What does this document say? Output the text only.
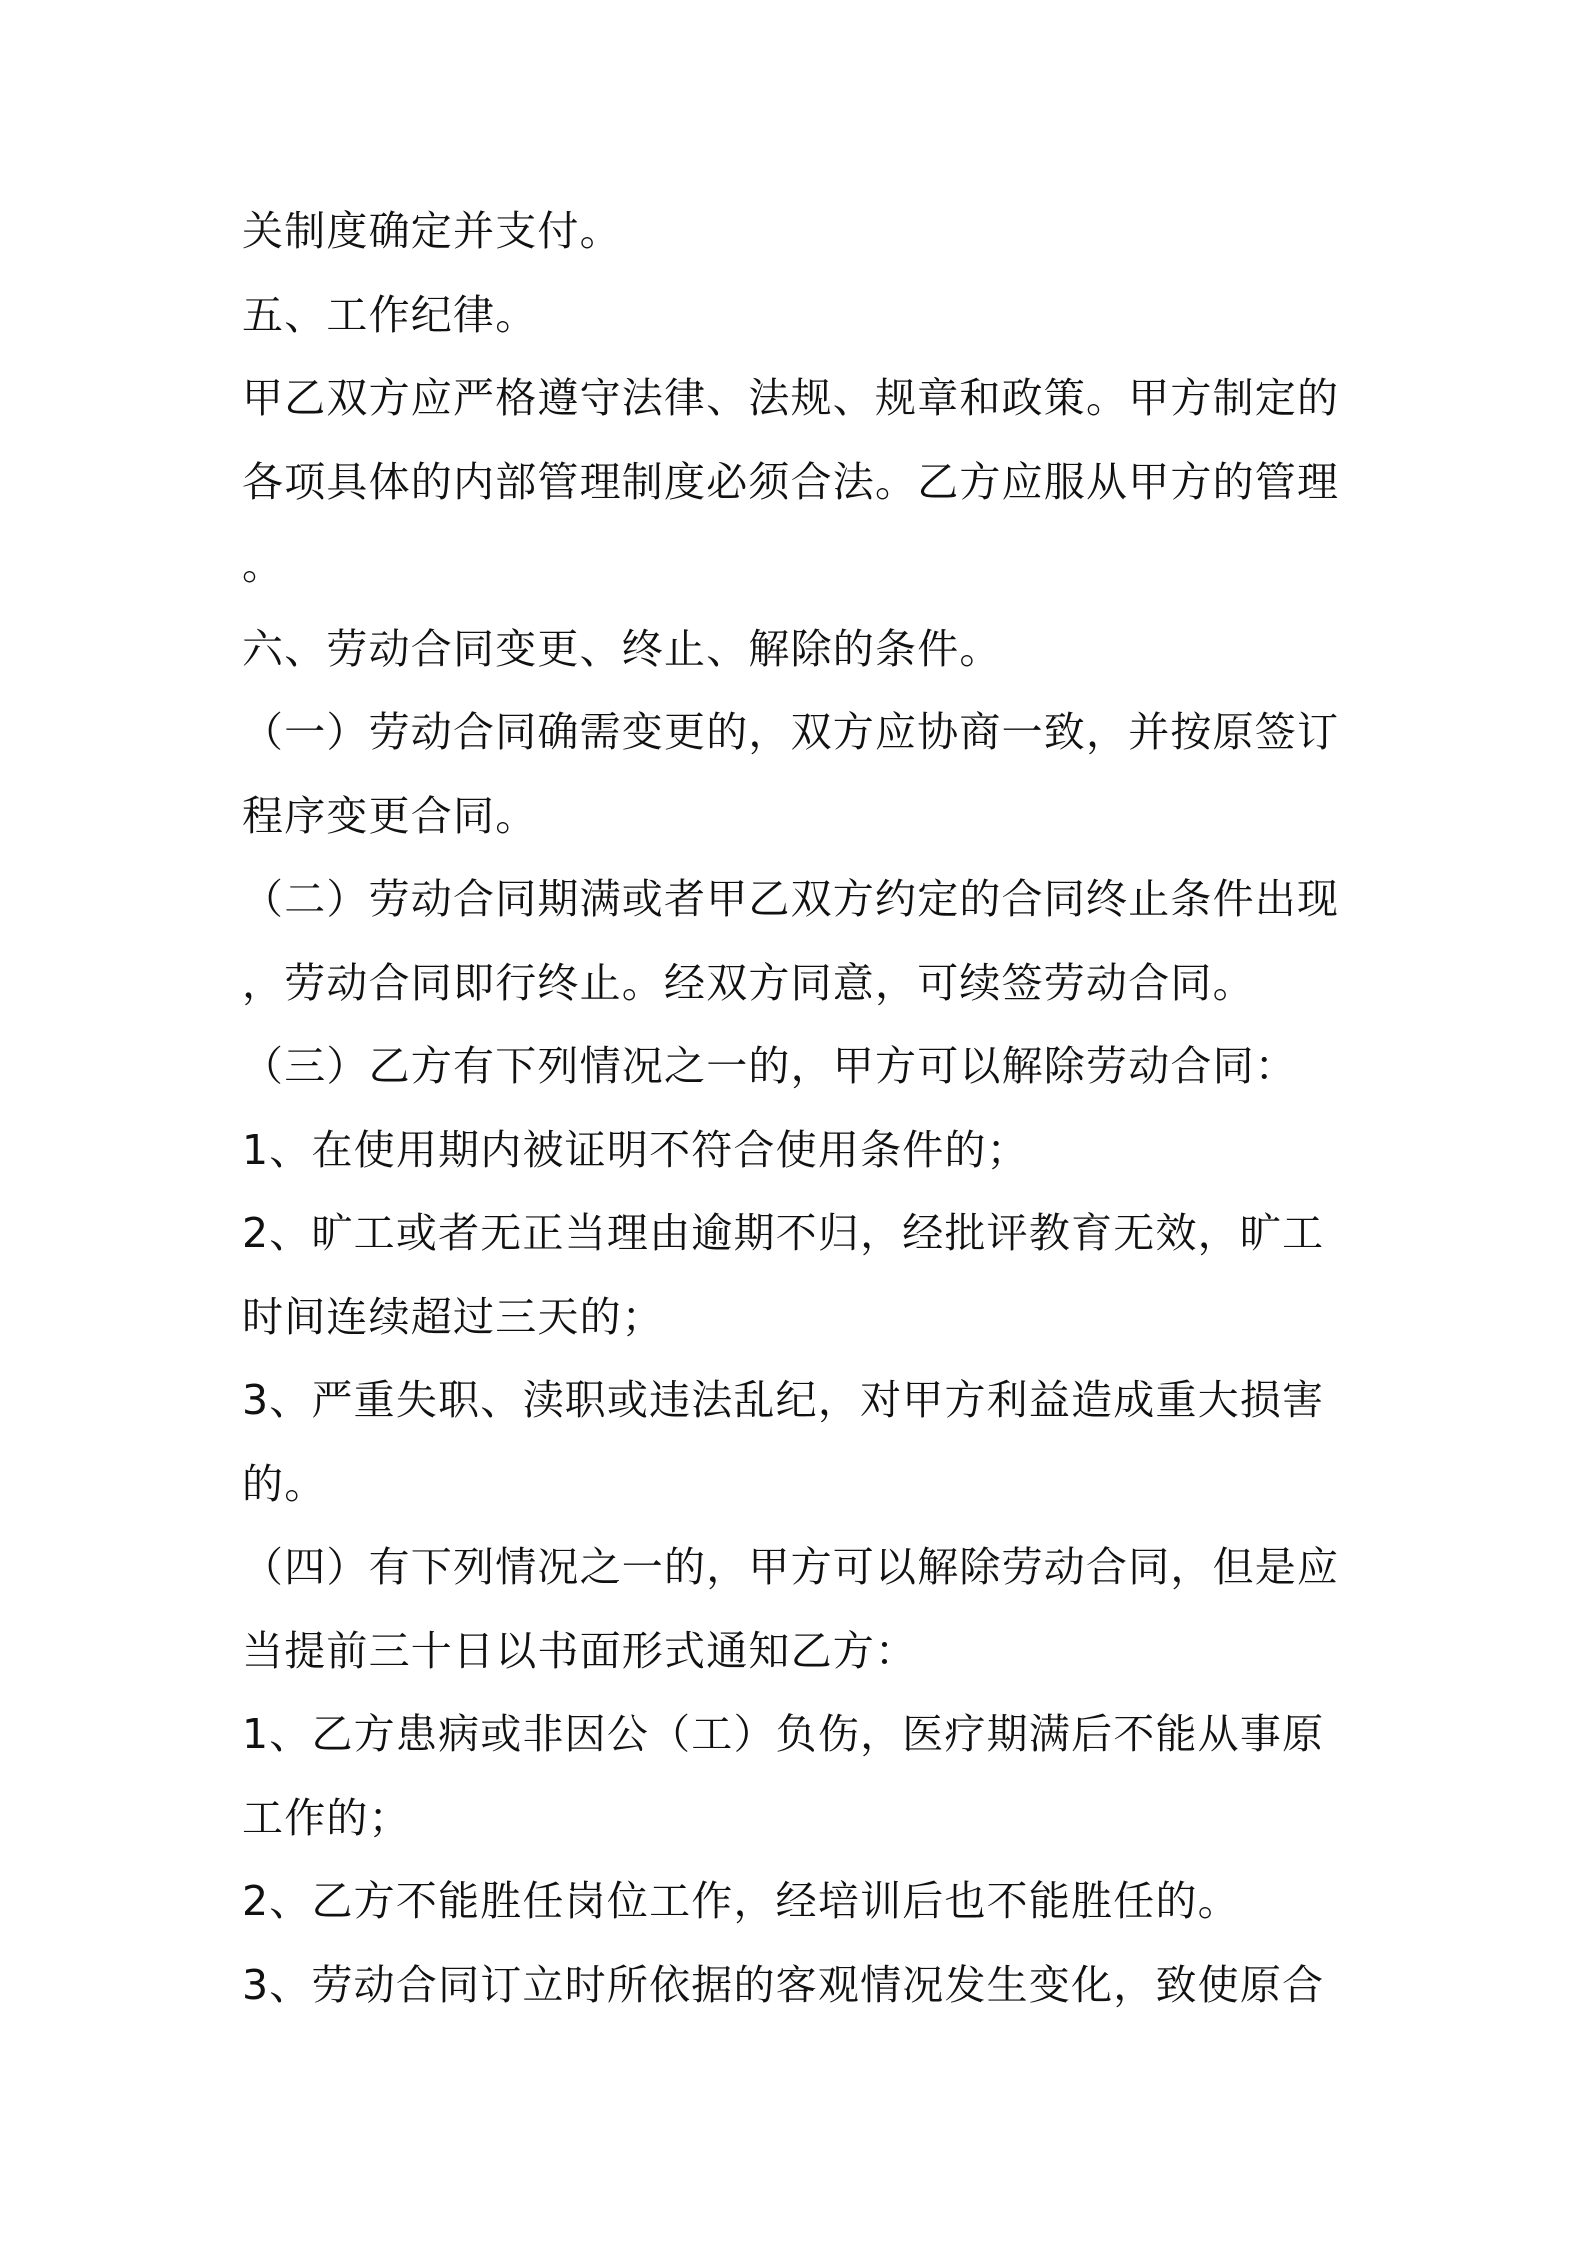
关制度确定并支付。
五、工作纪律。
甲乙双方应严格遵守法律、法规、规章和政策。甲方制定的
各项具体的内部管理制度必须合法。乙方应服从甲方的管理
。
六、劳动合同变更、终止、解除的条件。
（一）劳动合同确需变更的，双方应协商一致，并按原签订
程序变更合同。
（二）劳动合同期满或者甲乙双方约定的合同终止条件出现
，劳动合同即行终止。经双方同意，可续签劳动合同。
（三）乙方有下列情况之一的，甲方可以解除劳动合同：
1、在使用期内被证明不符合使用条件的；
2、旷工或者无正当理由逾期不归，经批评教育无效，旷工
时间连续超过三天的；
3、严重失职、渎职或违法乱纪，对甲方利益造成重大损害
的。
（四）有下列情况之一的，甲方可以解除劳动合同，但是应
当提前三十日以书面形式通知乙方：
1、乙方患病或非因公（工）负伤，医疗期满后不能从事原
工作的；
2、乙方不能胜任岗位工作，经培训后也不能胜任的。
3、劳动合同订立时所依据的客观情况发生变化，致使原合
